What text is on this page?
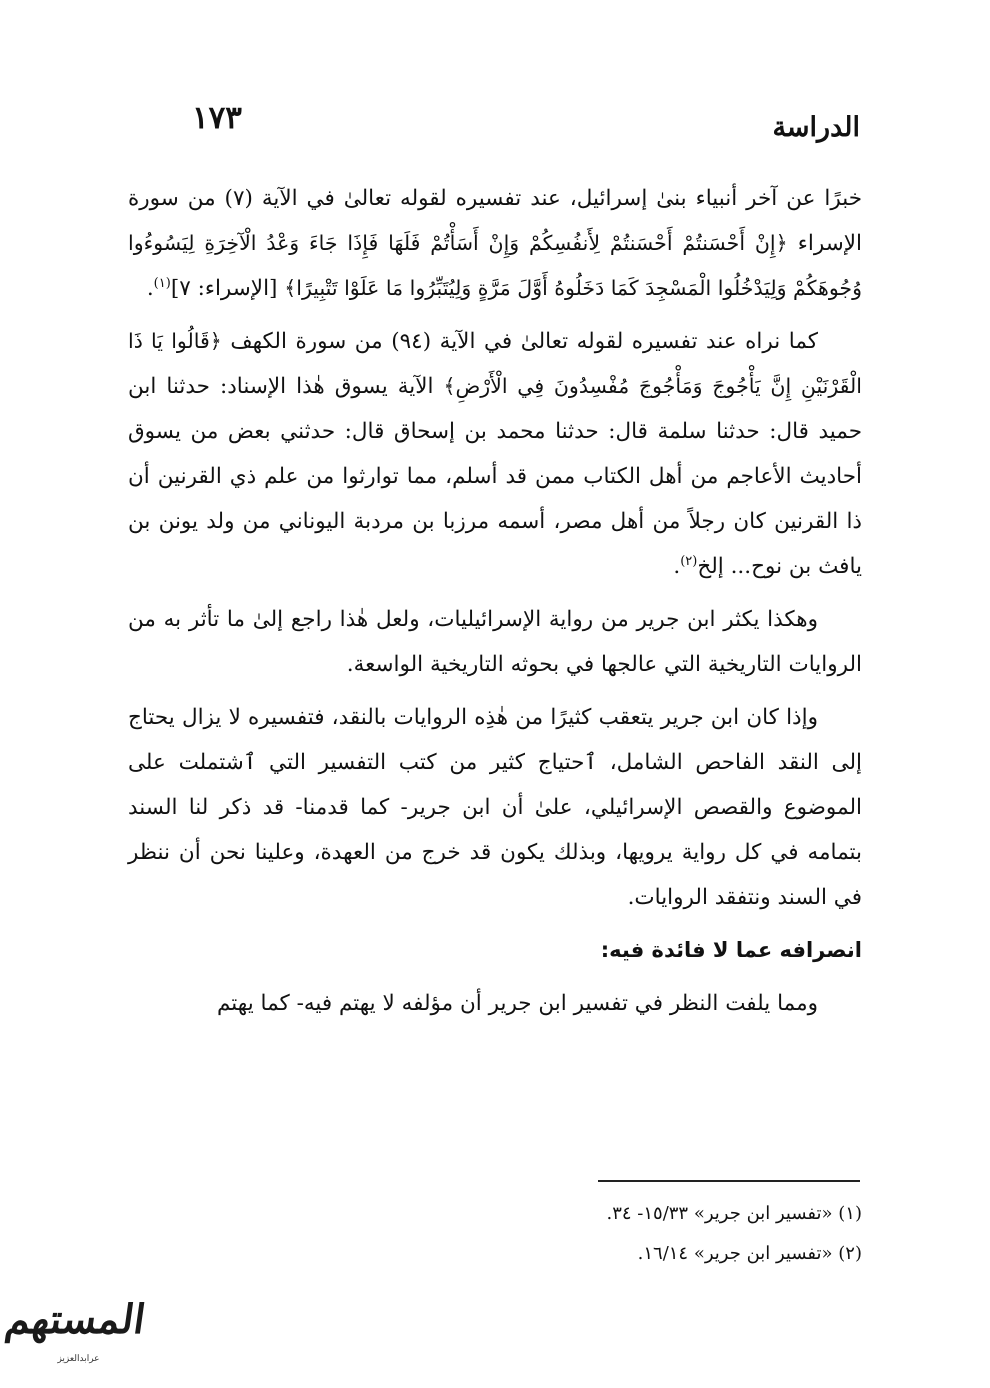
الدراسة
١٧٣

خبرًا عن آخر أنبياء بنىٰ إسرائيل، عند تفسيره لقوله تعالىٰ في الآية (٧) من سورة الإسراء ﴿إِنْ أَحْسَنتُمْ أَحْسَنتُمْ لِأَنفُسِكُمْ وَإِنْ أَسَأْتُمْ فَلَهَا فَإِذَا جَاءَ وَعْدُ الْآخِرَةِ لِيَسُوءُوا وُجُوهَكُمْ وَلِيَدْخُلُوا الْمَسْجِدَ كَمَا دَخَلُوهُ أَوَّلَ مَرَّةٍ وَلِيُتَبِّرُوا مَا عَلَوْا تَتْبِيرًا﴾ [الإسراء: ٧]$^{(١)}$.

كما نراه عند تفسيره لقوله تعالىٰ في الآية (٩٤) من سورة الكهف ﴿قَالُوا يَا ذَا الْقَرْنَيْنِ إِنَّ يَأْجُوجَ وَمَأْجُوجَ مُفْسِدُونَ فِي الْأَرْضِ﴾ الآية يسوق هٰذا الإسناد: حدثنا ابن حميد قال: حدثنا سلمة قال: حدثنا محمد بن إسحاق قال: حدثني بعض من يسوق أحاديث الأعاجم من أهل الكتاب ممن قد أسلم، مما توارثوا من علم ذي القرنين أن ذا القرنين كان رجلاً من أهل مصر، أسمه مرزبا بن مردبة اليوناني من ولد يونن بن يافث بن نوح... إلخ$^{(٢)}$.

وهكذا يكثر ابن جرير من رواية الإسرائيليات، ولعل هٰذا راجع إلىٰ ما تأثر به من الروايات التاريخية التي عالجها في بحوثه التاريخية الواسعة.

وإذا كان ابن جرير يتعقب كثيرًا من هٰذِه الروايات بالنقد، فتفسيره لا يزال يحتاج إلى النقد الفاحص الشامل، ٱحتياج كثير من كتب التفسير التي ٱشتملت على الموضوع والقصص الإسرائيلي، علىٰ أن ابن جرير- كما قدمنا- قد ذكر لنا السند بتمامه في كل رواية يرويها، وبذلك يكون قد خرج من العهدة، وعلينا نحن أن ننظر في السند ونتفقد الروايات.

انصرافه عما لا فائدة فيه:

ومما يلفت النظر في تفسير ابن جرير أن مؤلفه لا يهتم فيه- كما يهتم

(١) «تفسير ابن جرير» ١٥/٣٣- ٣٤.
(٢) «تفسير ابن جرير» ١٦/١٤.
المستهم
عرابدالعزيز
